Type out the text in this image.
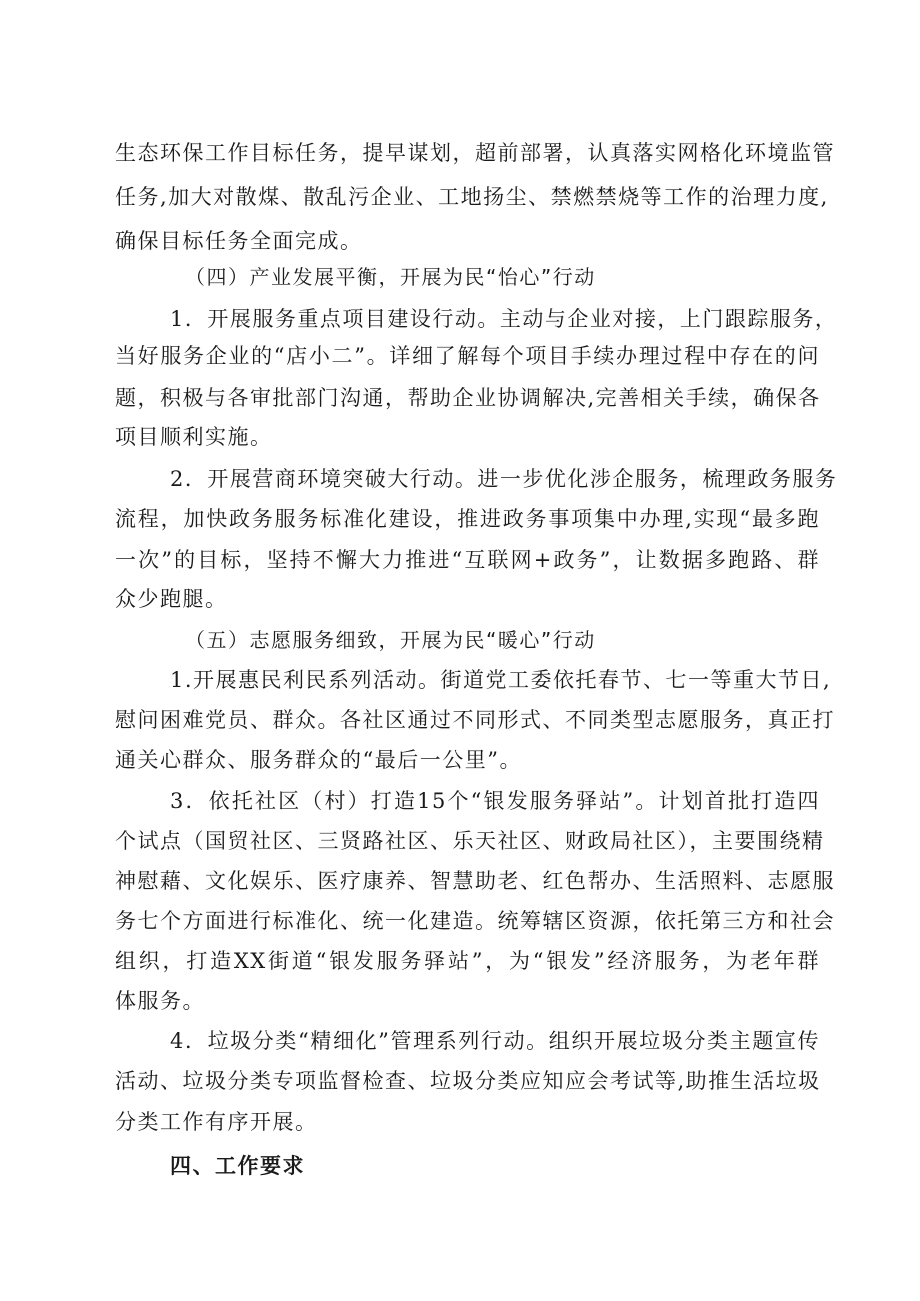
生态环保工作目标任务，提早谋划，超前部署，认真落实网格化环境监管
任务,加大对散煤、散乱污企业、工地扬尘、禁燃禁烧等工作的治理力度,
确保目标任务全面完成。
（四）产业发展平衡，开展为民“怡心”行动
1．开展服务重点项目建设行动。主动与企业对接，上门跟踪服务，
当好服务企业的“店小二”。详细了解每个项目手续办理过程中存在的问
题，积极与各审批部门沟通，帮助企业协调解决,完善相关手续，确保各
项目顺利实施。
2．开展营商环境突破大行动。进一步优化涉企服务，梳理政务服务
流程，加快政务服务标准化建设，推进政务事项集中办理,实现“最多跑
一次”的目标，坚持不懈大力推进“互联网+政务”，让数据多跑路、群
众少跑腿。
（五）志愿服务细致，开展为民“暖心”行动
1.开展惠民利民系列活动。街道党工委依托春节、七一等重大节日,
慰问困难党员、群众。各社区通过不同形式、不同类型志愿服务，真正打
通关心群众、服务群众的“最后一公里”。
3．依托社区（村）打造15个“银发服务驿站”。计划首批打造四
个试点（国贸社区、三贤路社区、乐天社区、财政局社区），主要围绕精
神慰藉、文化娱乐、医疗康养、智慧助老、红色帮办、生活照料、志愿服
务七个方面进行标准化、统一化建造。统筹辖区资源，依托第三方和社会
组织，打造XX街道“银发服务驿站”，为“银发”经济服务，为老年群
体服务。
4．垃圾分类“精细化”管理系列行动。组织开展垃圾分类主题宣传
活动、垃圾分类专项监督检查、垃圾分类应知应会考试等,助推生活垃圾
分类工作有序开展。
四、工作要求
